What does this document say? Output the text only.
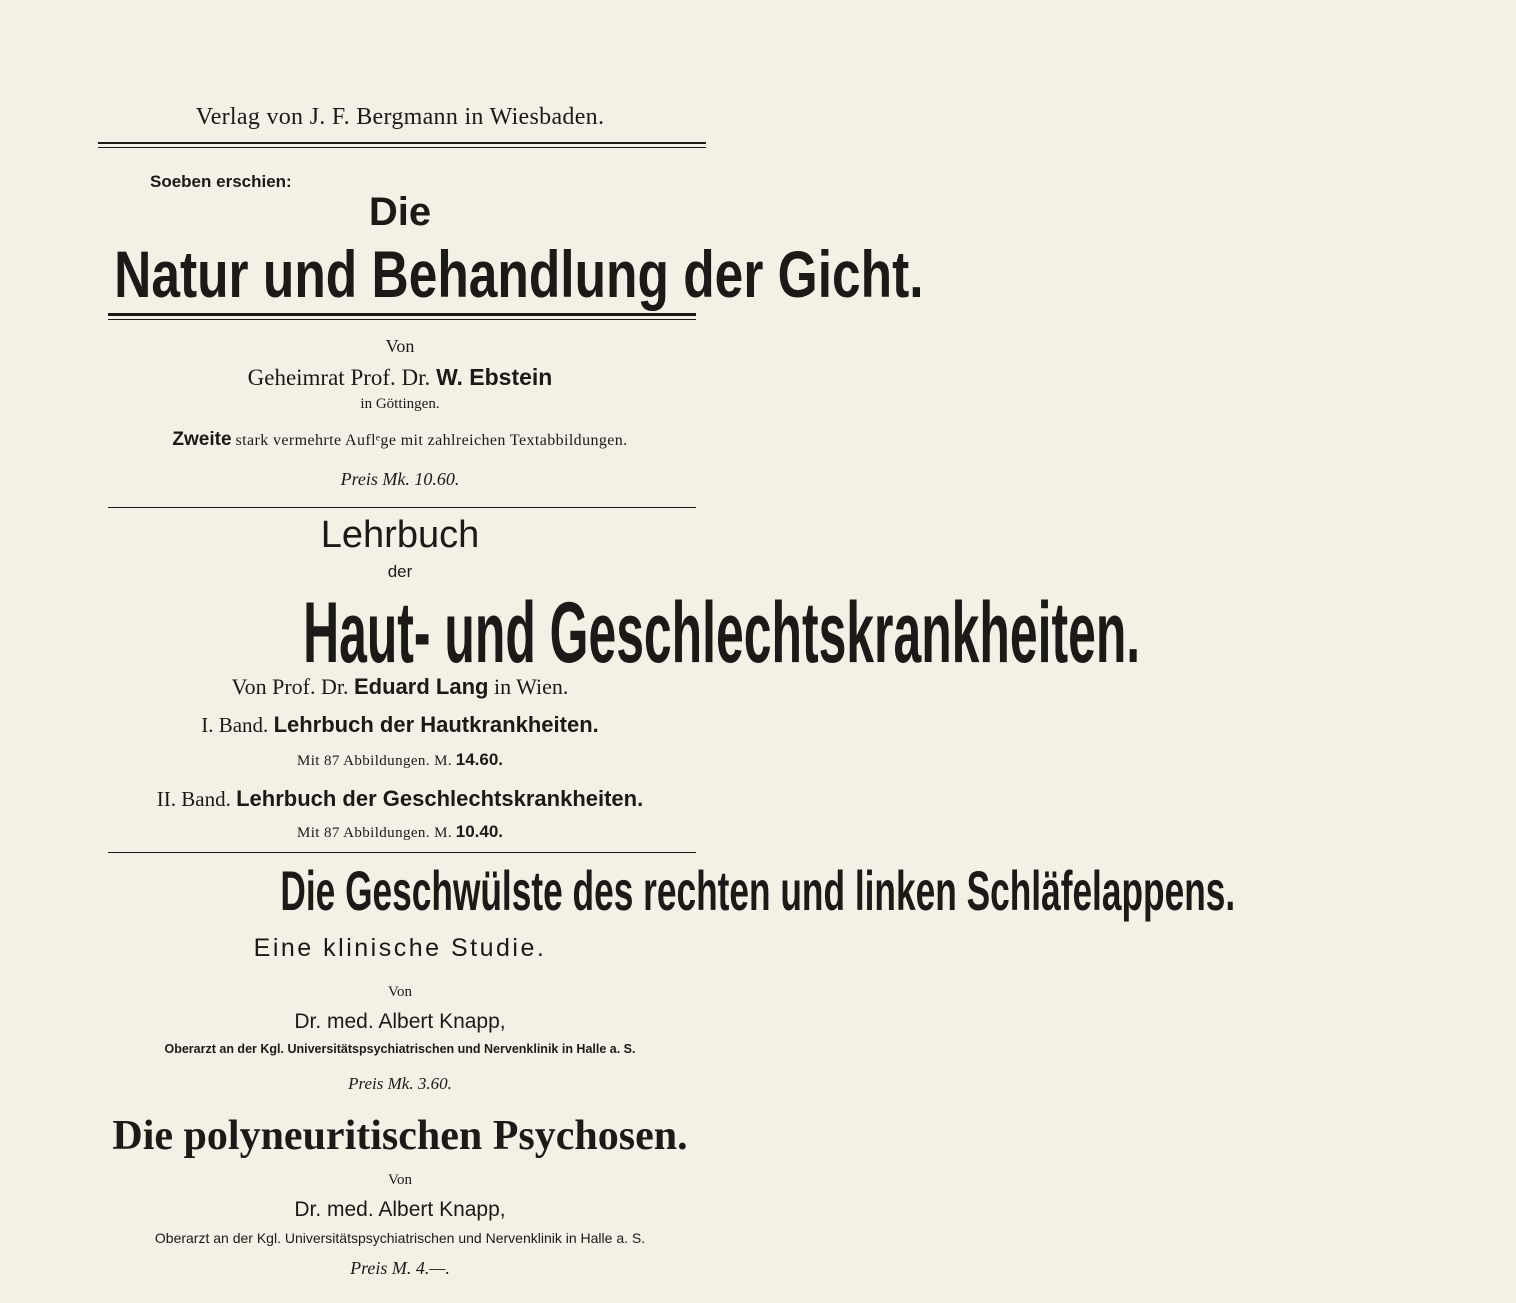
Verlag von J. F. Bergmann in Wiesbaden.
Soeben erschien:
Die
Natur und Behandlung der Gicht.
Von
Geheimrat Prof. Dr. W. Ebstein
in Göttingen.
Zweite stark vermehrte Auflᵉge mit zahlreichen Textabbildungen.
Preis Mk. 10.60.
Lehrbuch
der
Haut- und Geschlechtskrankheiten.
Von Prof. Dr. Eduard Lang in Wien.
I. Band. Lehrbuch der Hautkrankheiten.
Mit 87 Abbildungen. M. 14.60.
II. Band. Lehrbuch der Geschlechtskrankheiten.
Mit 87 Abbildungen. M. 10.40.
Die Geschwülste des rechten und linken Schläfelappens.
Eine klinische Studie.
Von
Dr. med. Albert Knapp,
Oberarzt an der Kgl. Universitätspsychiatrischen und Nervenklinik in Halle a. S.
Preis Mk. 3.60.
Die polyneuritischen Psychosen.
Von
Dr. med. Albert Knapp,
Oberarzt an der Kgl. Universitätspsychiatrischen und Nervenklinik in Halle a. S.
Preis M. 4.—.
